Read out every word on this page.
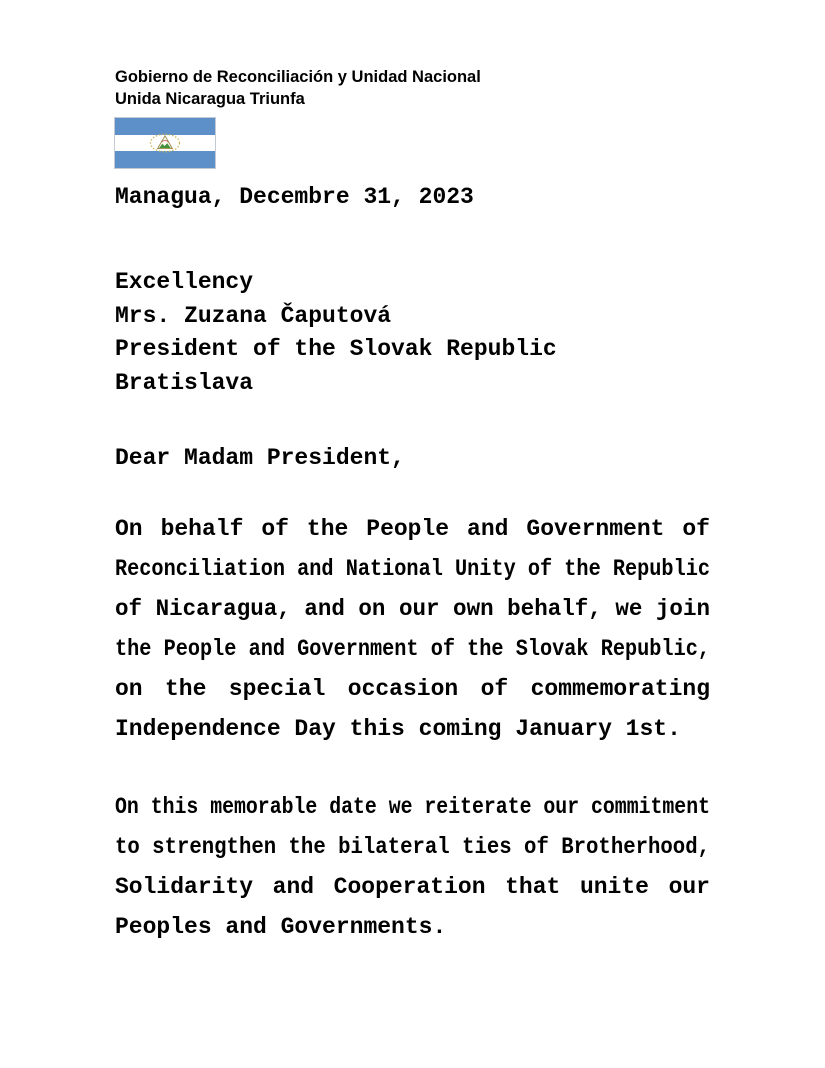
Gobierno de Reconciliación y Unidad Nacional
Unida Nicaragua Triunfa
Managua, Decembre 31, 2023
Excellency
Mrs. Zuzana Čaputová
President of the Slovak Republic
Bratislava
Dear Madam President,
On behalf of the People and Government of
Reconciliation and National Unity of the Republic
of Nicaragua, and on our own behalf, we join
the People and Government of the Slovak Republic,
on the special occasion of commemorating
Independence Day this coming January 1st.
On this memorable date we reiterate our commitment
to strengthen the bilateral ties of Brotherhood,
Solidarity and Cooperation that unite our
Peoples and Governments.
